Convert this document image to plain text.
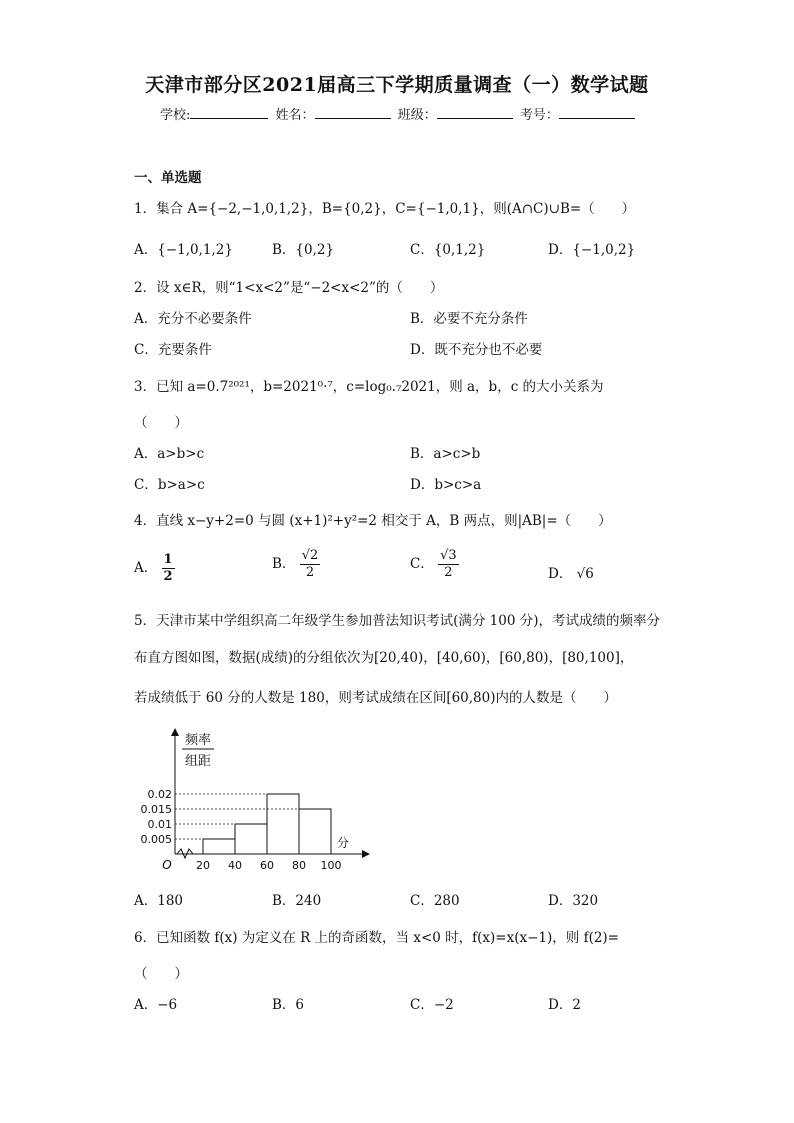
天津市部分区2021届高三下学期质量调查（一）数学试题
学校:	姓名：	班级：	考号：
一、单选题
1．集合 A={−2,−1,0,1,2}，B={0,2}，C={−1,0,1}，则(A∩C)∪B=（　　）
A．{−1,0,1,2}	B．{0,2}	C．{0,1,2}	D．{−1,0,2}
2．设 x∈R，则“1<x<2”是“−2<x<2”的（　　）
A．充分不必要条件	B．必要不充分条件
C．充要条件	D．既不充分也不必要
3．已知 a=0.7²⁰²¹，b=2021⁰·⁷，c=log₀.₇2021，则 a，b，c 的大小关系为
（　　）
A．a>b>c	B．a>c>b
C．b>a>c	D．b>c>a
4．直线 x−y+2=0 与圆 (x+1)²+y²=2 相交于 A，B 两点，则|AB|=（　　）
A． $\frac{1}{2}$	B． $\frac{√2}{2}$	C． $\frac{√3}{2}$	D． √6
5．天津市某中学组织高二年级学生参加普法知识考试(满分 100 分)，考试成绩的频率分
布直方图如图，数据(成绩)的分组依次为[20,40)，[40,60)，[60,80)，[80,100]，
若成绩低于 60 分的人数是 180，则考试成绩在区间[60,80)内的人数是（　　）
0.005
0.01
0.015
0.02
20 40 60 80 100
O
分
频率
组距
A．180	B．240	C．280	D．320
6．已知函数 f(x) 为定义在 R 上的奇函数，当 x<0 时，f(x)=x(x−1)，则 f(2)=
（　　）
A．−6	B．6	C．−2	D．2
